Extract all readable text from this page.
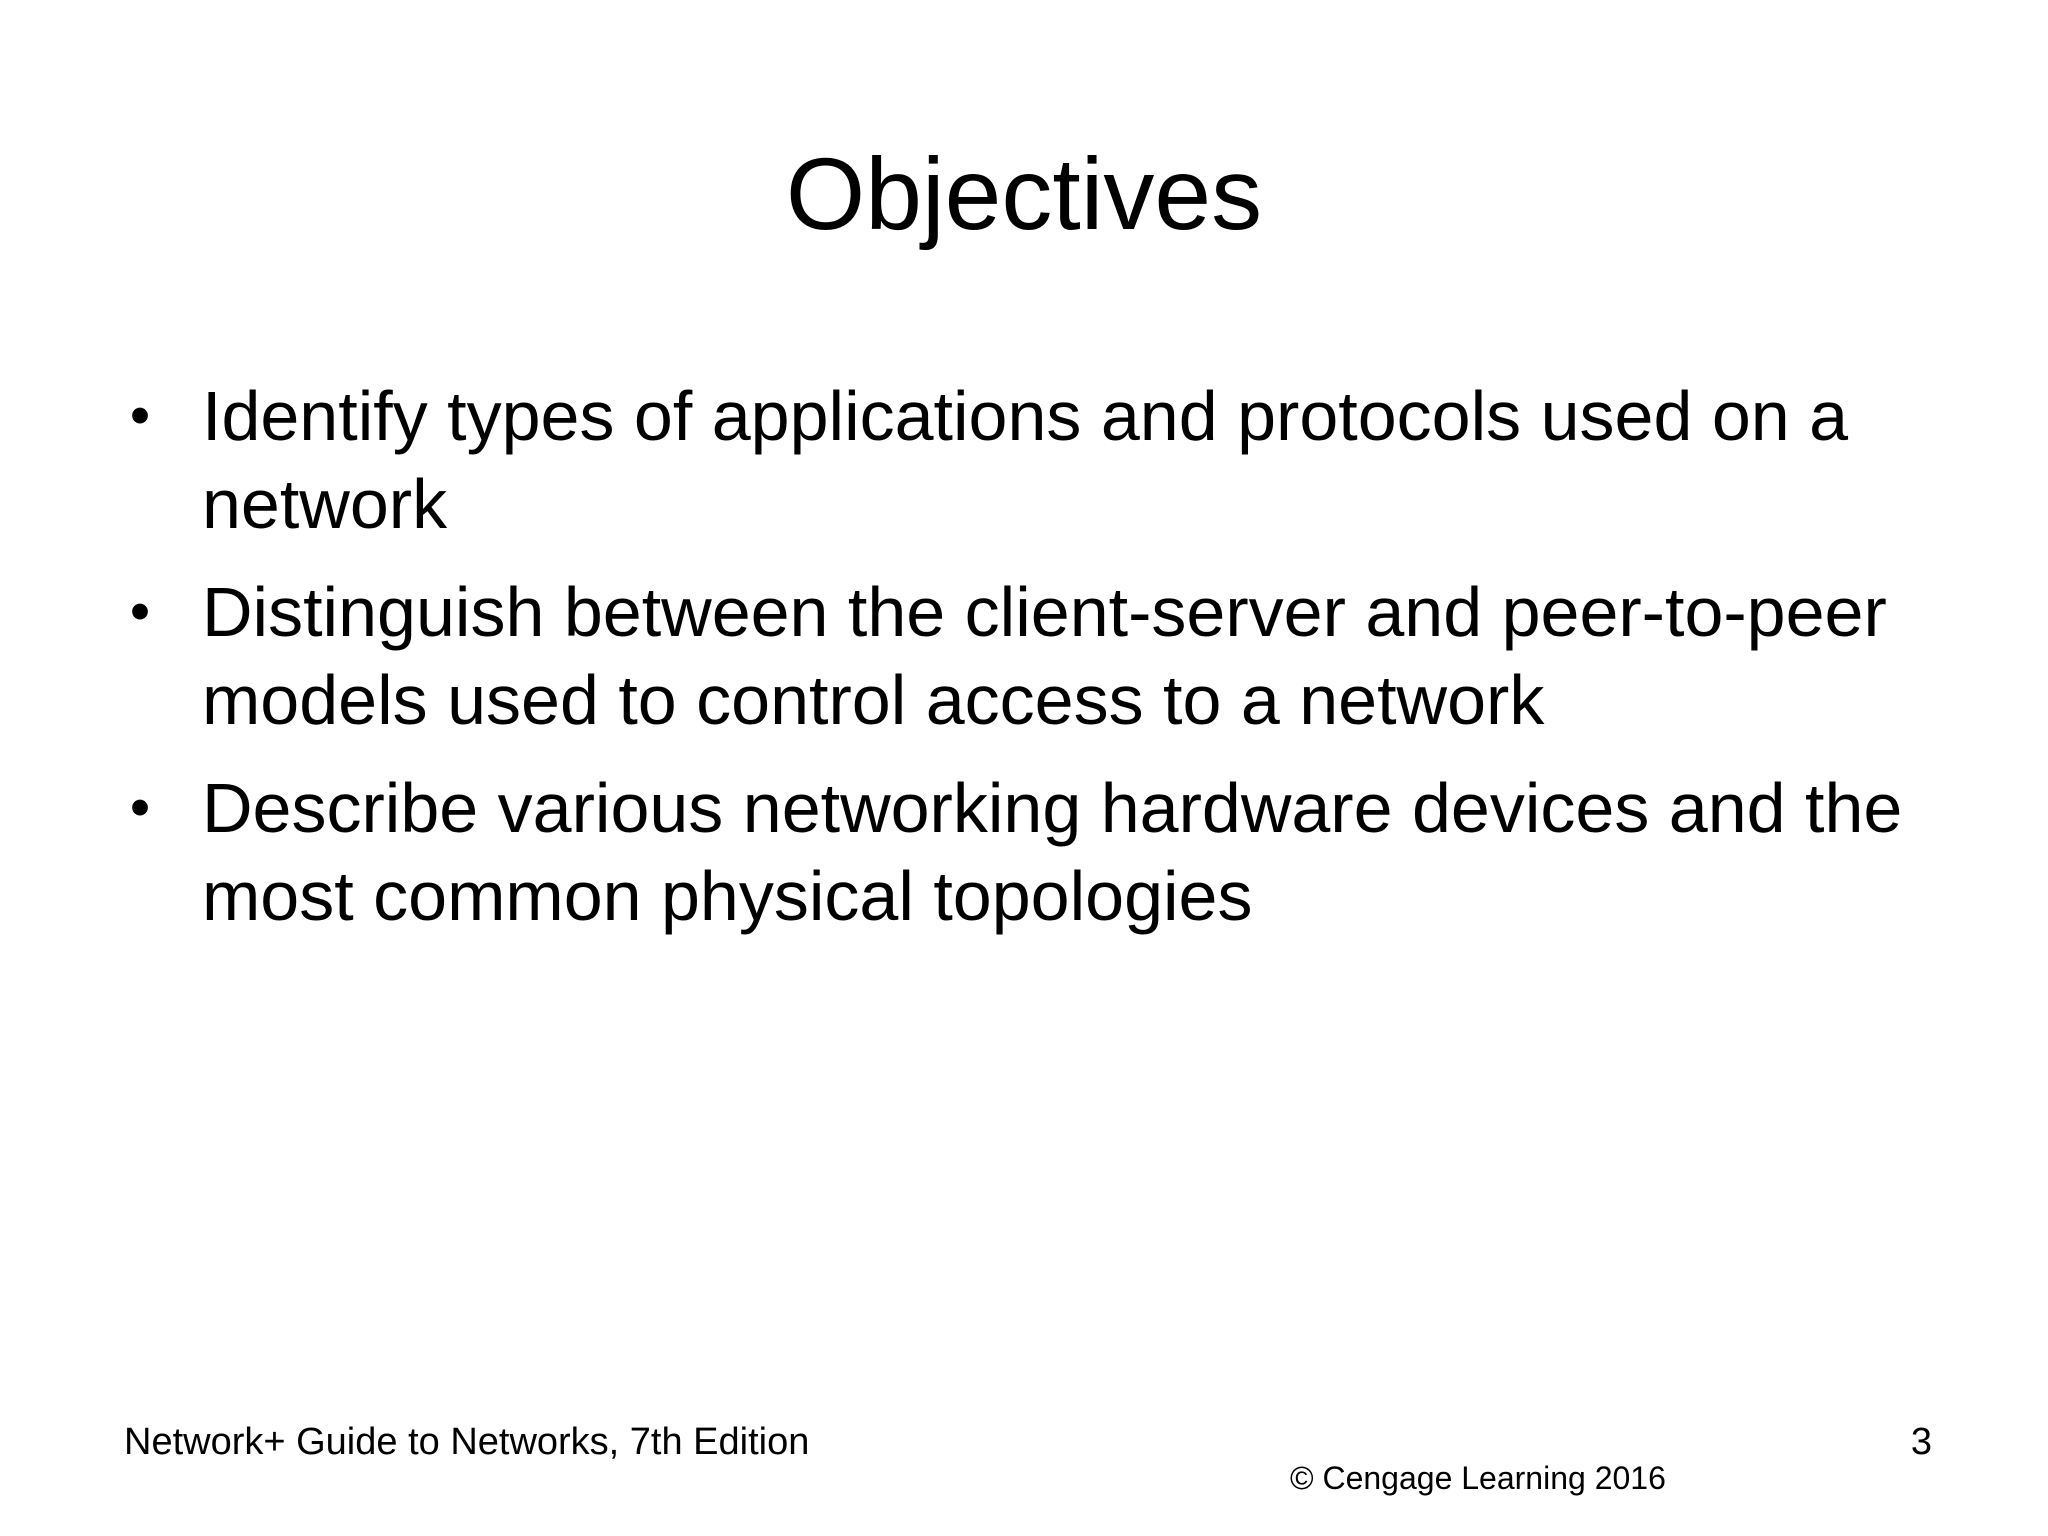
Objectives
• Identify types of applications and protocols used on a network
• Distinguish between the client-server and peer-to-peer models used to control access to a network
• Describe various networking hardware devices and the most common physical topologies
Network+ Guide to Networks, 7th Edition	3
© Cengage Learning 2016
